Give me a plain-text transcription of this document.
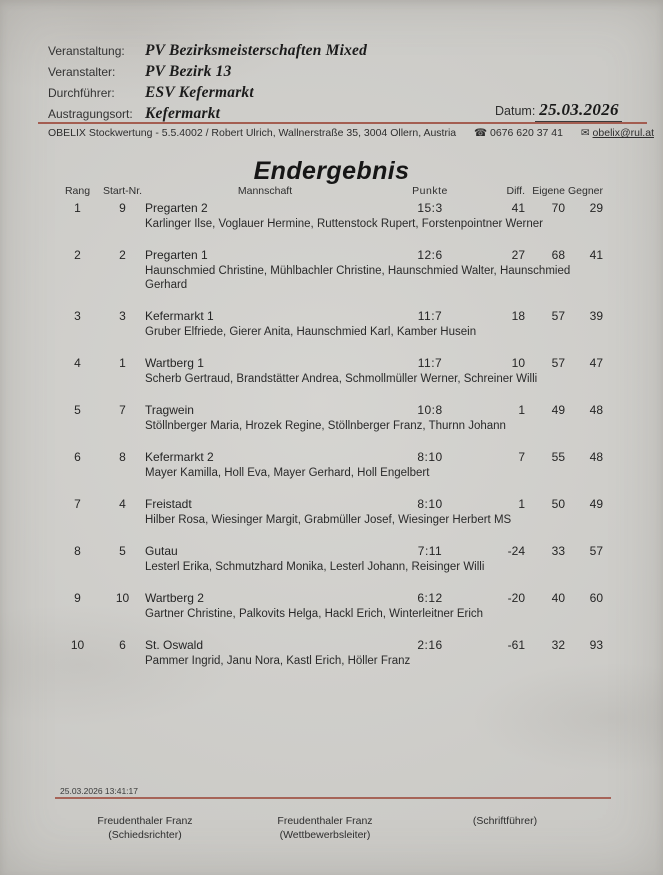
Veranstaltung:	PV Bezirksmeisterschaften Mixed
Veranstalter:	PV Bezirk 13
Durchführer:	ESV Kefermarkt
Austragungsort: Kefermarkt	Datum: 25.03.2026
OBELIX Stockwertung - 5.5.4002 / Robert Ulrich, Wallnerstraße 35, 3004 Ollern, Austria ☎ 0676 620 37 41 ✉ obelix@rul.at
Endergebnis
Rang	Start-Nr.	Mannschaft	Punkte	Diff. Eigene Gegner
1	9	Pregarten 2	15:3	41	70	29
Karlinger Ilse, Voglauer Hermine, Ruttenstock Rupert, Forstenpointner Werner
2	2	Pregarten 1	12:6	27	68	41
Haunschmied Christine, Mühlbachler Christine, Haunschmied Walter, Haunschmied Gerhard
3	3	Kefermarkt 1	11:7	18	57	39
Gruber Elfriede, Gierer Anita, Haunschmied Karl, Kamber Husein
4	1	Wartberg 1	11:7	10	57	47
Scherb Gertraud, Brandstätter Andrea, Schmollmüller Werner, Schreiner Willi
5	7	Tragwein	10:8	1	49	48
Stöllnberger Maria, Hrozek Regine, Stöllnberger Franz, Thurnn Johann
6	8	Kefermarkt 2	8:10	7	55	48
Mayer Kamilla, Holl Eva, Mayer Gerhard, Holl Engelbert
7	4	Freistadt	8:10	1	50	49
Hilber Rosa, Wiesinger Margit, Grabmüller Josef, Wiesinger Herbert MS
8	5	Gutau	7:11	-24	33	57
Lesterl Erika, Schmutzhard Monika, Lesterl Johann, Reisinger Willi
9	10	Wartberg 2	6:12	-20	40	60
Gartner Christine, Palkovits Helga, Hackl Erich, Winterleitner Erich
10	6	St. Oswald	2:16	-61	32	93
Pammer Ingrid, Janu Nora, Kastl Erich, Höller Franz
25.03.2026 13:41:17
Freudenthaler Franz
(Schiedsrichter)
Freudenthaler Franz
(Wettbewerbsleiter)
(Schriftführer)
